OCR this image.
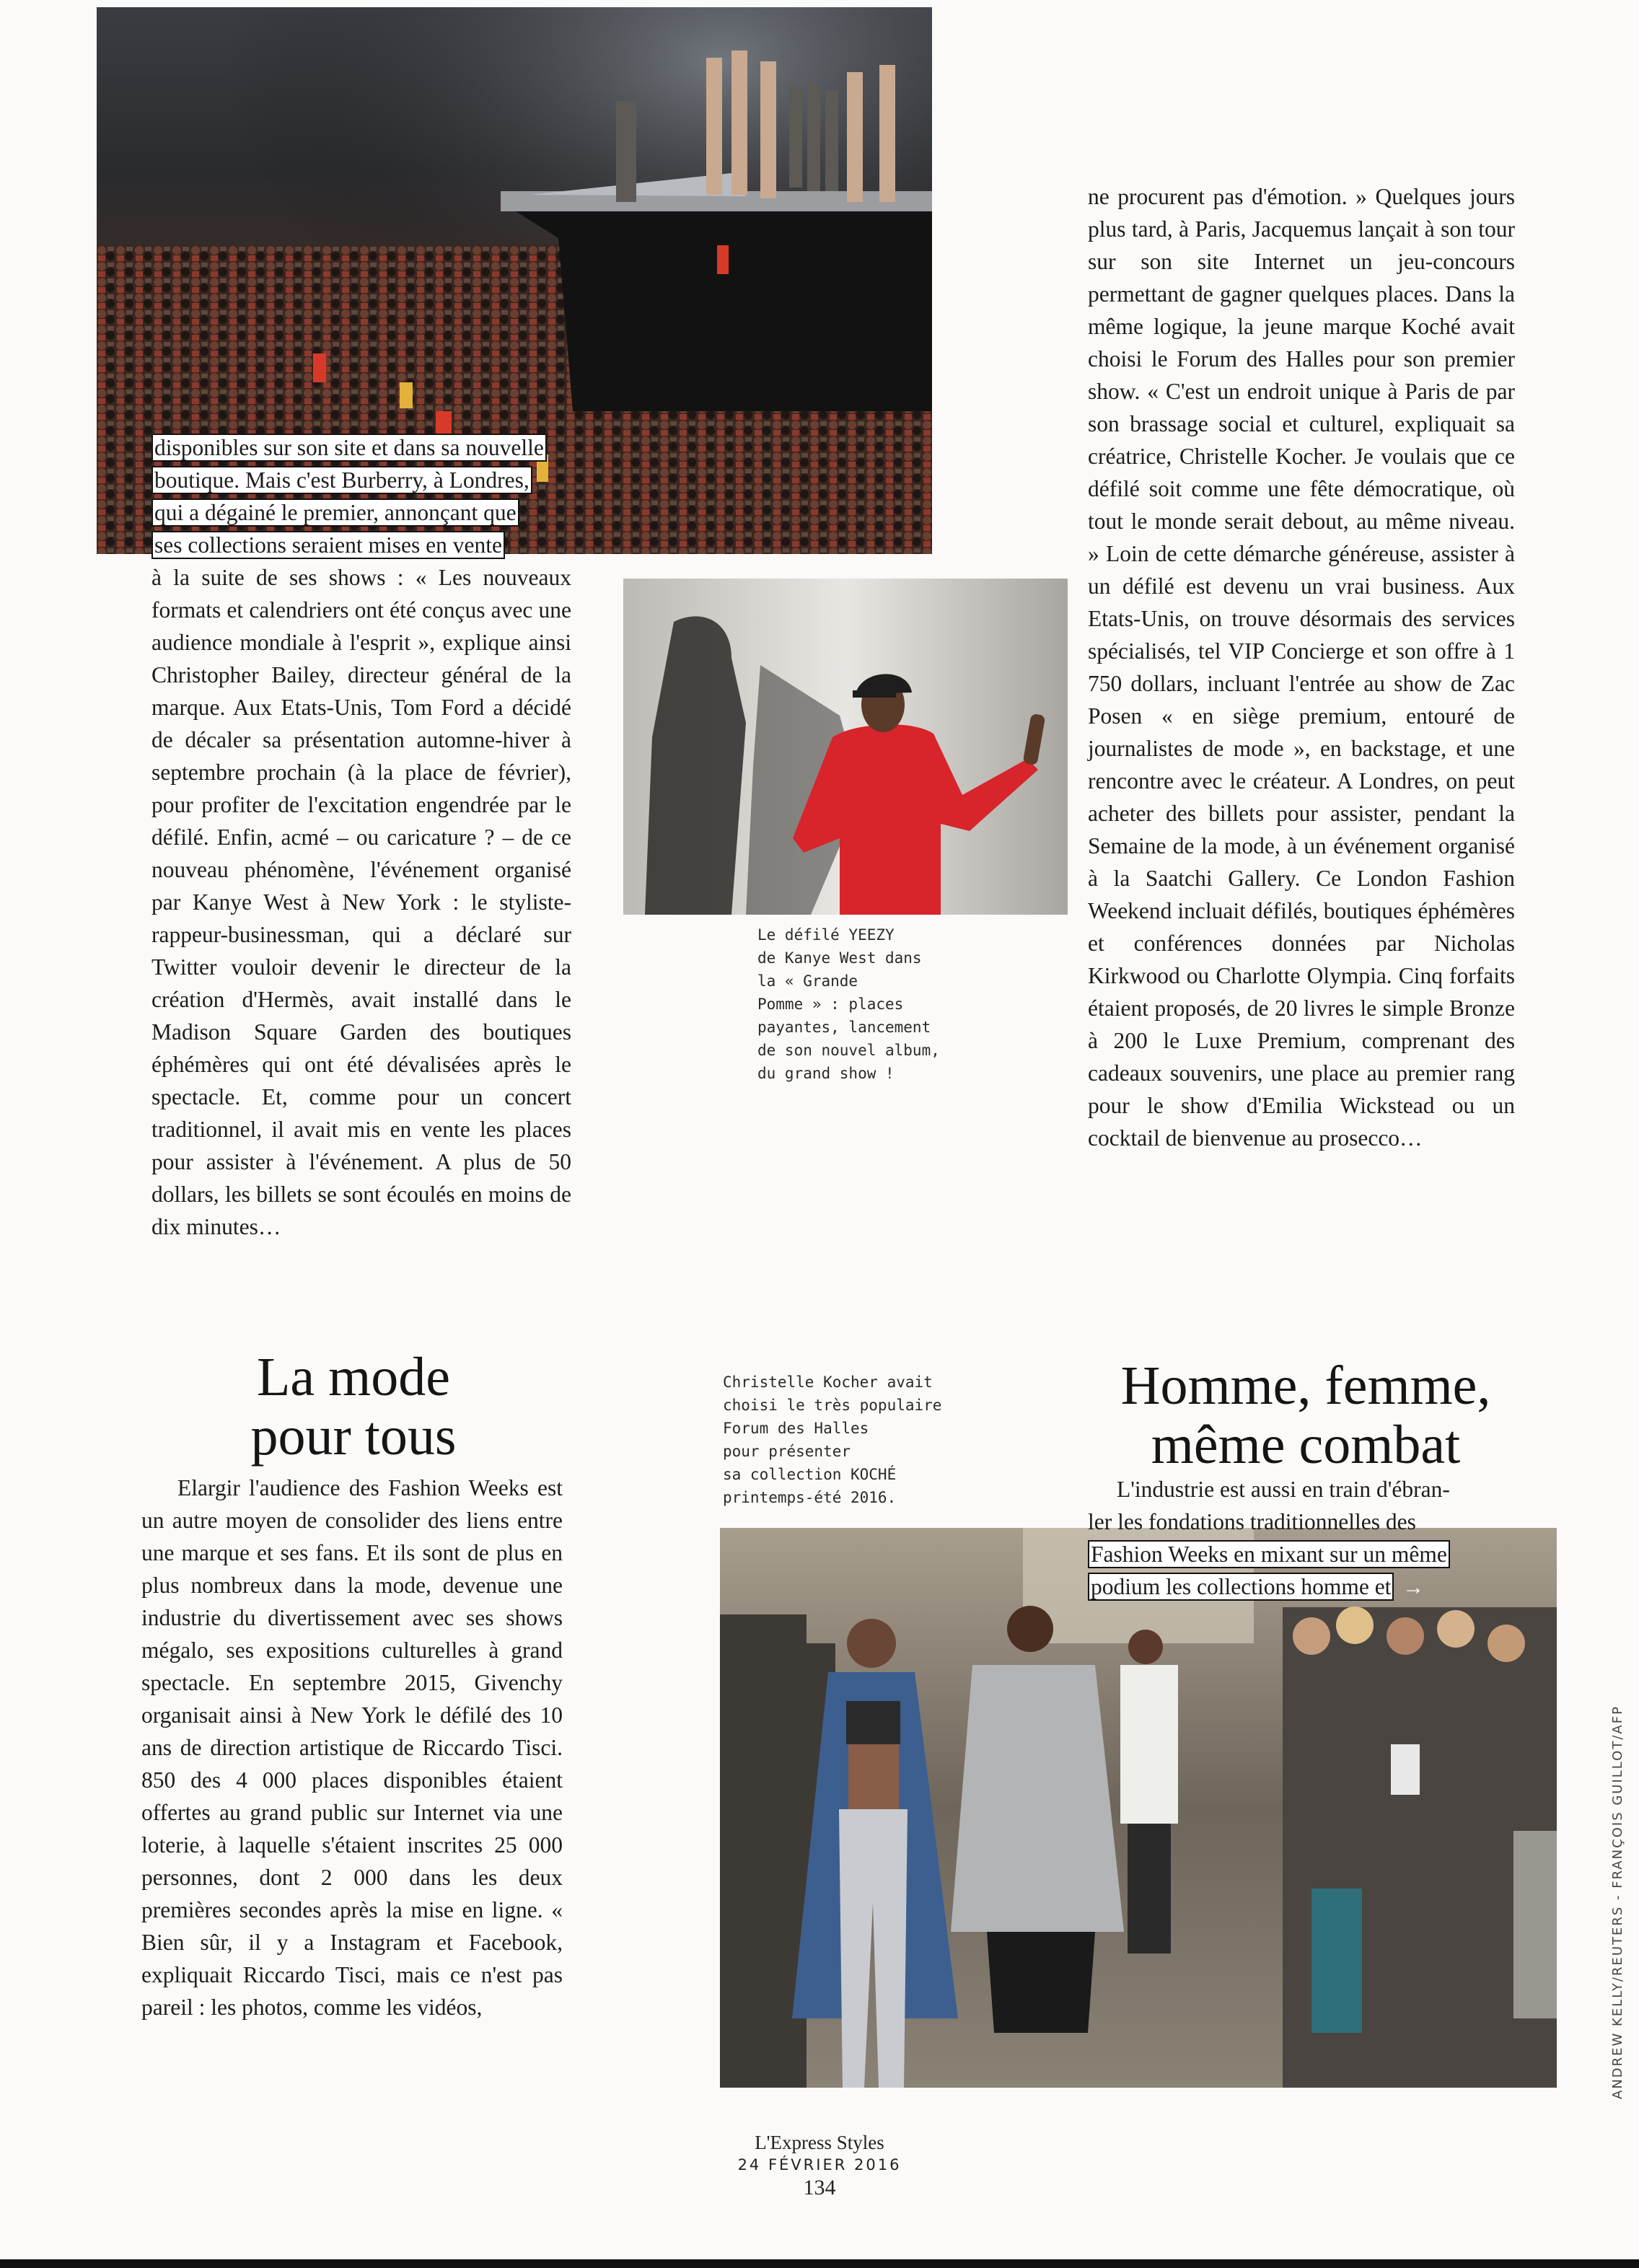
disponibles sur son site et dans sa nouvelle
boutique. Mais c'est Burberry, à Londres,
qui a dégainé le premier, annonçant que
ses collections seraient mises en vente

à la suite de ses shows : « Les nouveaux formats et calendriers ont été conçus avec une audience mondiale à l'esprit », explique ainsi Christopher Bailey, directeur général de la marque. Aux Etats-Unis, Tom Ford a décidé de décaler sa présentation automne-hiver à septembre prochain (à la place de février), pour profiter de l'excitation engendrée par le défilé. Enfin, acmé – ou caricature ? – de ce nouveau phénomène, l'événement organisé par Kanye West à New York : le styliste-rappeur-businessman, qui a déclaré sur Twitter vouloir devenir le directeur de la création d'Hermès, avait installé dans le Madison Square Garden des boutiques éphémères qui ont été dévalisées après le spectacle. Et, comme pour un concert traditionnel, il avait mis en vente les places pour assister à l'événement. A plus de 50 dollars, les billets se sont écoulés en moins de dix minutes…

Le défilé YEEZY
de Kanye West dans
la « Grande
Pomme » : places
payantes, lancement
de son nouvel album,
du grand show !

ne procurent pas d'émotion. » Quelques jours plus tard, à Paris, Jacquemus lançait à son tour sur son site Internet un jeu-concours permettant de gagner quelques places. Dans la même logique, la jeune marque Koché avait choisi le Forum des Halles pour son premier show. « C'est un endroit unique à Paris de par son brassage social et culturel, expliquait sa créatrice, Christelle Kocher. Je voulais que ce défilé soit comme une fête démocratique, où tout le monde serait debout, au même niveau. » Loin de cette démarche généreuse, assister à un défilé est devenu un vrai business. Aux Etats-Unis, on trouve désormais des services spécialisés, tel VIP Concierge et son offre à 1 750 dollars, incluant l'entrée au show de Zac Posen « en siège premium, entouré de journalistes de mode », en backstage, et une rencontre avec le créateur. A Londres, on peut acheter des billets pour assister, pendant la Semaine de la mode, à un événement organisé à la Saatchi Gallery. Ce London Fashion Weekend incluait défilés, boutiques éphémères et conférences données par Nicholas Kirkwood ou Charlotte Olympia. Cinq forfaits étaient proposés, de 20 livres le simple Bronze à 200 le Luxe Premium, comprenant des cadeaux souvenirs, une place au premier rang pour le show d'Emilia Wickstead ou un cocktail de bienvenue au prosecco…

La mode
pour tous

Elargir l'audience des Fashion Weeks est un autre moyen de consolider des liens entre une marque et ses fans. Et ils sont de plus en plus nombreux dans la mode, devenue une industrie du divertissement avec ses shows mégalo, ses expositions culturelles à grand spectacle. En septembre 2015, Givenchy organisait ainsi à New York le défilé des 10 ans de direction artistique de Riccardo Tisci. 850 des 4 000 places disponibles étaient offertes au grand public sur Internet via une loterie, à laquelle s'étaient inscrites 25 000 personnes, dont 2 000 dans les deux premières secondes après la mise en ligne. « Bien sûr, il y a Instagram et Facebook, expliquait Riccardo Tisci, mais ce n'est pas pareil : les photos, comme les vidéos,

Christelle Kocher avait
choisi le très populaire
Forum des Halles
pour présenter
sa collection KOCHÉ
printemps-été 2016.
Homme, femme,
même combat
L'industrie est aussi en train d'ébran-
ler les fondations traditionnelles des
Fashion Weeks en mixant sur un même
podium les collections homme et →
ANDREW KELLY/REUTERS - FRANÇOIS GUILLOT/AFP
L'Express Styles
24 FÉVRIER 2016
134
